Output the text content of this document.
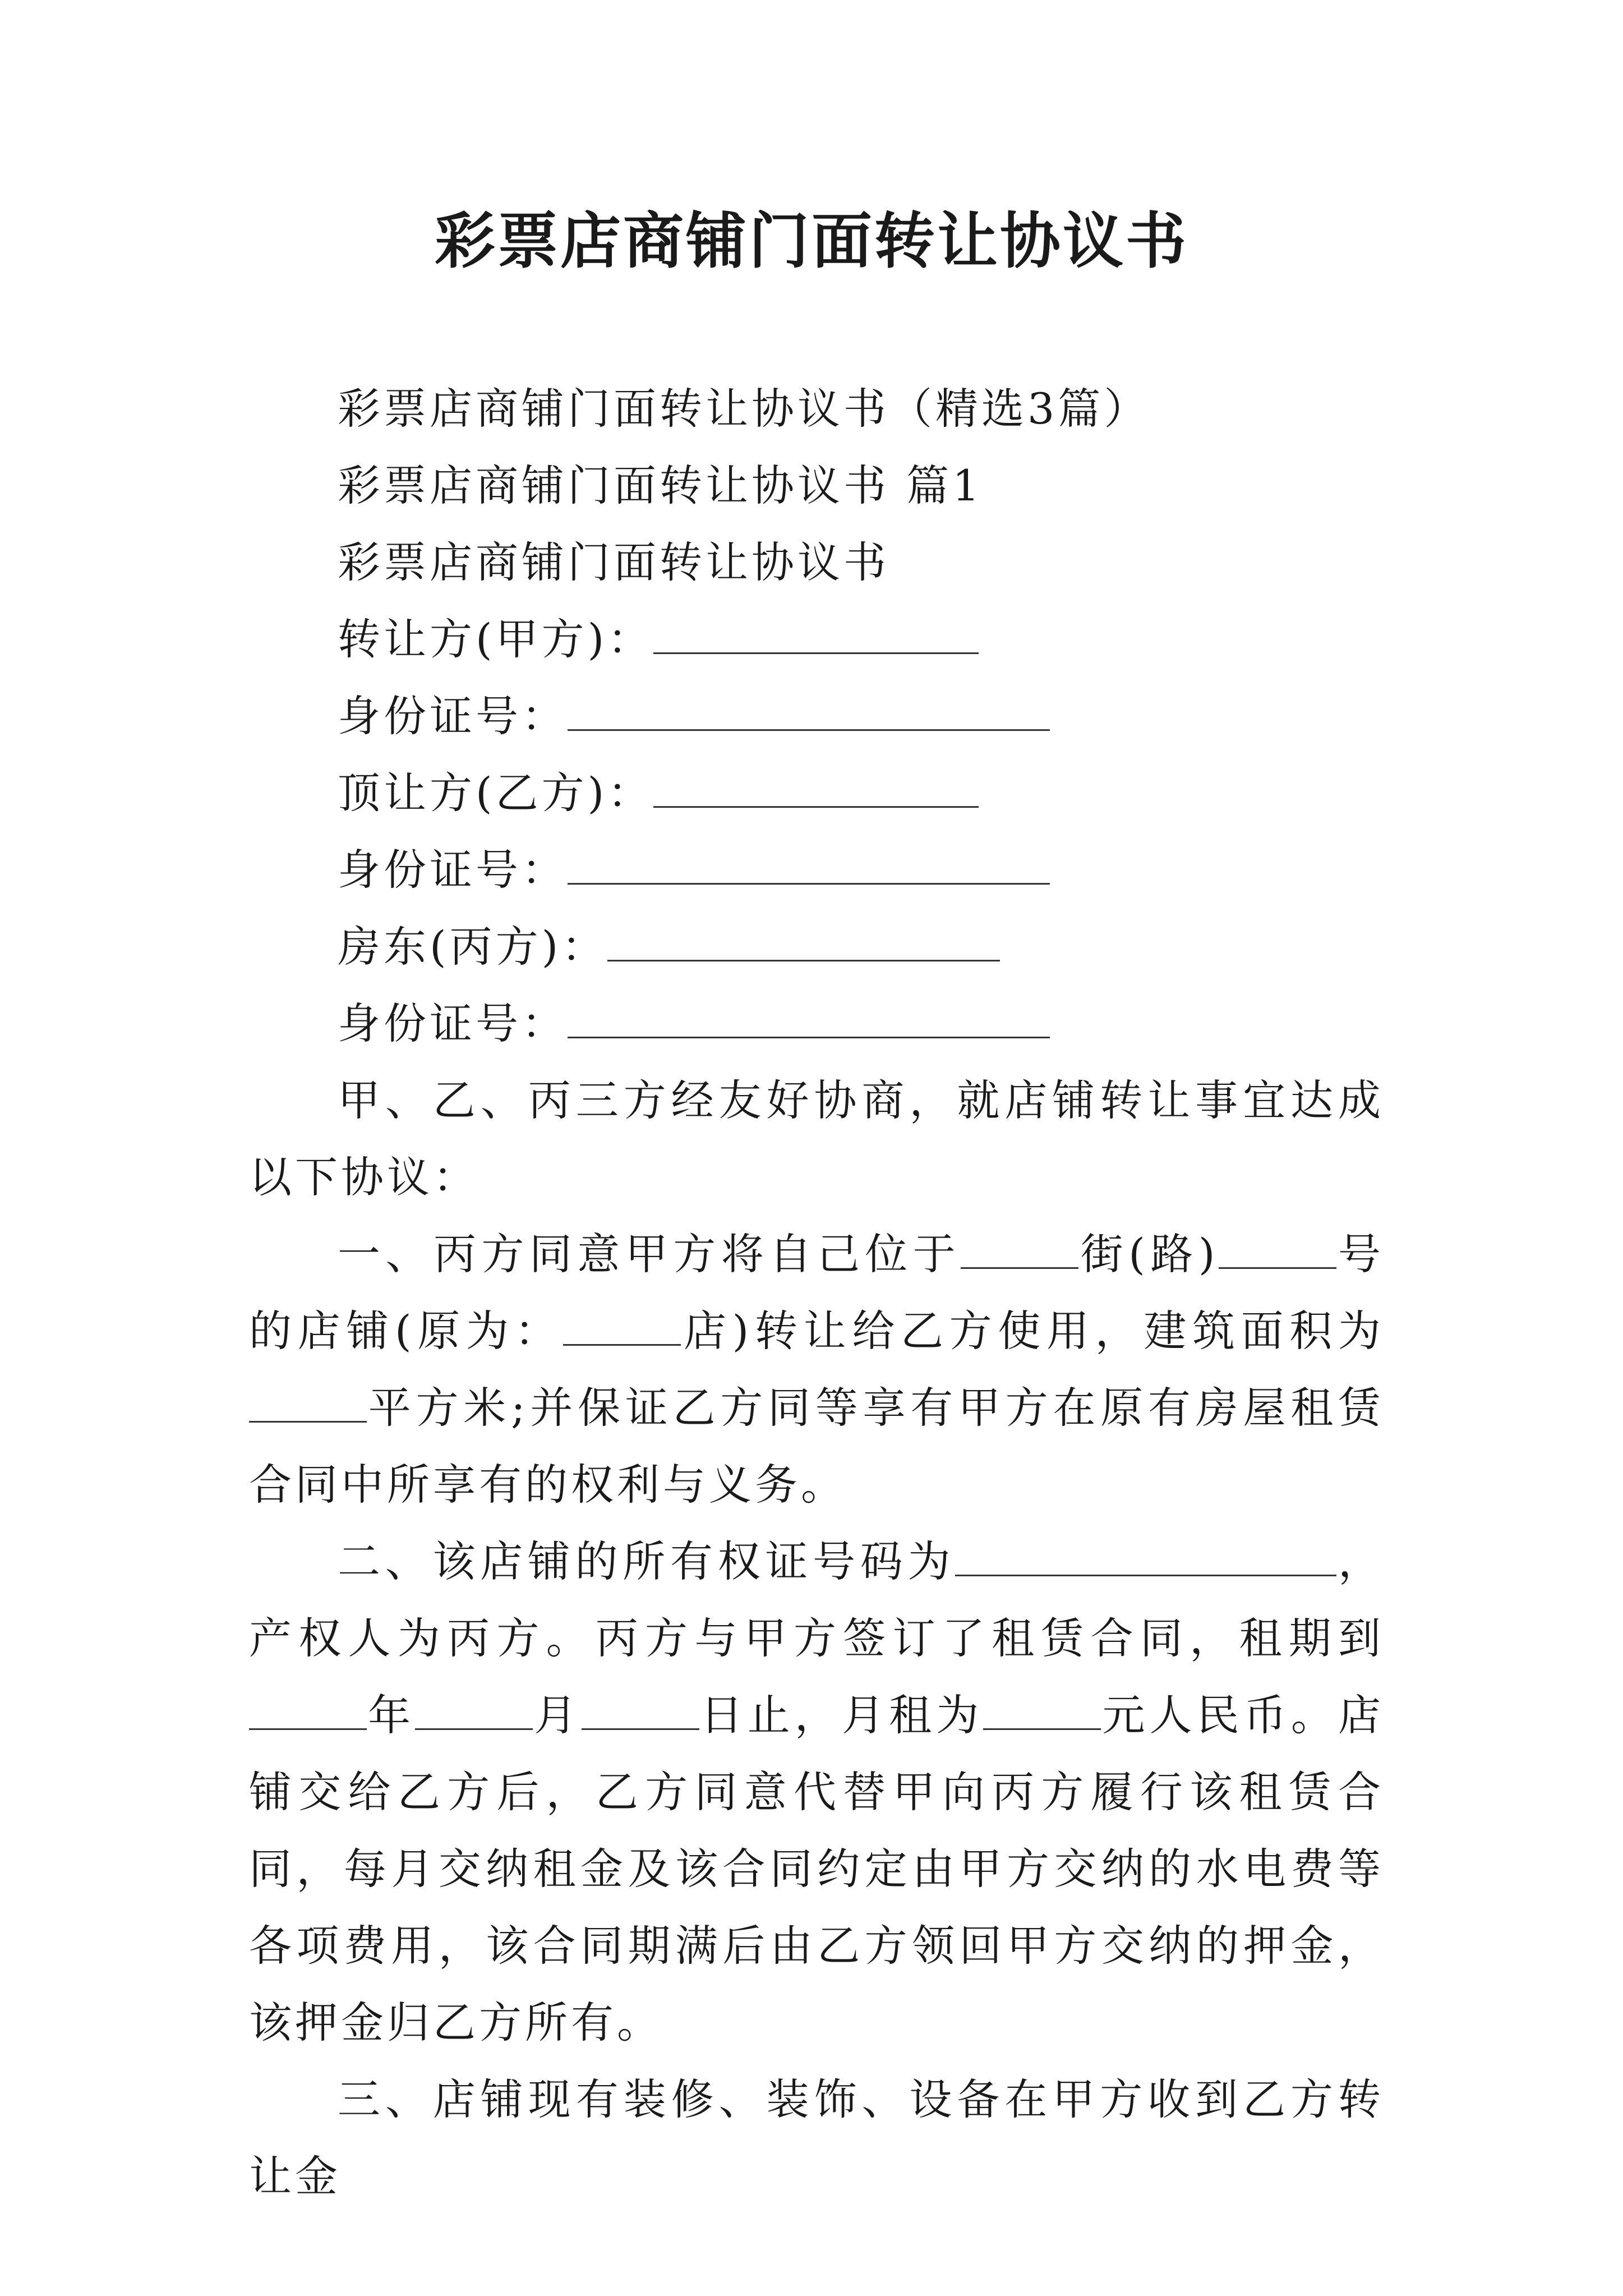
彩票店商铺门面转让协议书
彩票店商铺门面转让协议书（精选3篇）
彩票店商铺门面转让协议书 篇1
彩票店商铺门面转让协议书
转让方(甲方)：
身份证号：
顶让方(乙方)：
身份证号：
房东(丙方)：
身份证号：
甲、乙、丙三方经友好协商，就店铺转让事宜达成以下协议：
一、丙方同意甲方将自己位于	街(路)	号的店铺(原为：	店)转让给乙方使用，建筑面积为平方米;并保证乙方同等享有甲方在原有房屋租赁合同中所享有的权利与义务。
二、该店铺的所有权证号码为	，产权人为丙方。丙方与甲方签订了租赁合同，租期到年	月	日止，月租为	元人民币。店铺交给乙方后，乙方同意代替甲向丙方履行该租赁合同，每月交纳租金及该合同约定由甲方交纳的水电费等各项费用，该合同期满后由乙方领回甲方交纳的押金，该押金归乙方所有。
三、店铺现有装修、装饰、设备在甲方收到乙方转让金
